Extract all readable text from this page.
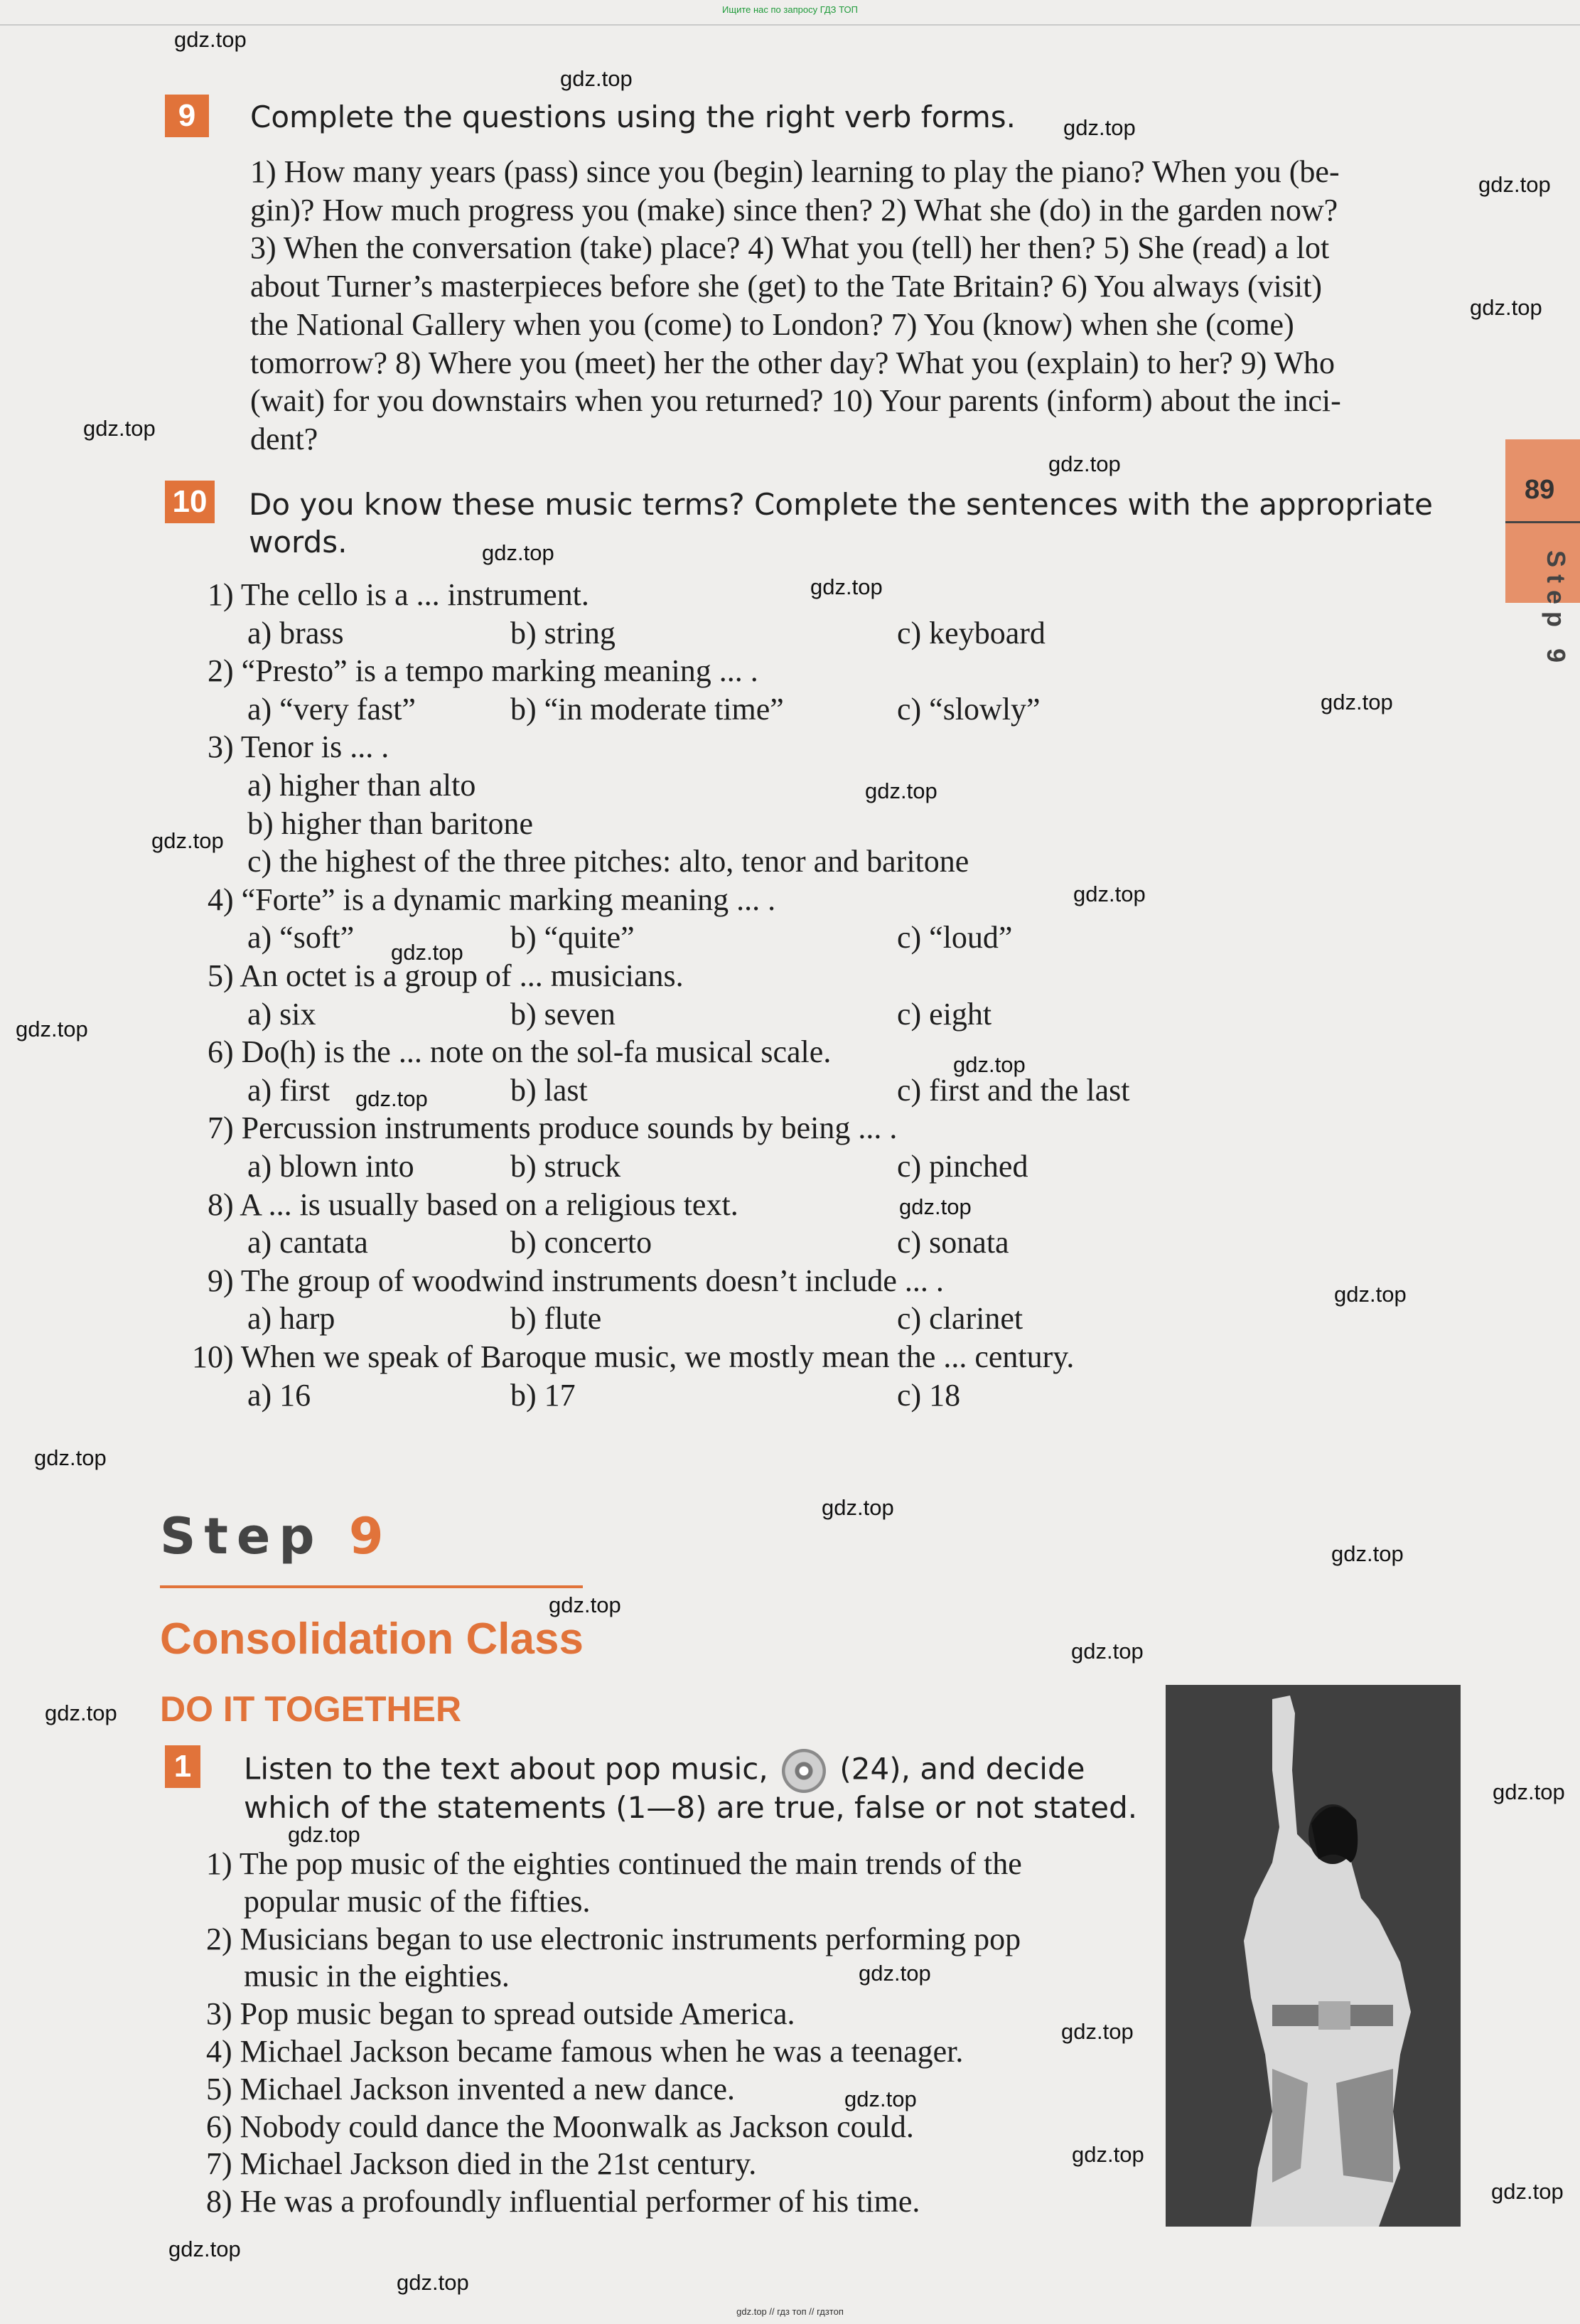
Ищите нас по запросу ГДЗ ТОП
89
Step 9
9	Complete the questions using the right verb forms.
1) How many years (pass) since you (begin) learning to play the piano? When you (be-
gin)? How much progress you (make) since then? 2) What she (do) in the garden now?
3) When the conversation (take) place? 4) What you (tell) her then? 5) She (read) a lot
about Turner’s masterpieces before she (get) to the Tate Britain? 6) You always (visit)
the National Gallery when you (come) to London? 7) You (know) when she (come)
tomorrow? 8) Where you (meet) her the other day? What you (explain) to her? 9) Who
(wait) for you downstairs when you returned? 10) Your parents (inform) about the inci-
dent?
10 Do you know these music terms? Complete the sentences with the appropriate
words.
1) The cello is a ... instrument.
a) brass	b) string	c) keyboard
2) “Presto” is a tempo marking meaning ... .
a) “very fast”	b) “in moderate time”	c) “slowly”
3) Tenor is ... .
a) higher than alto
b) higher than baritone
c) the highest of the three pitches: alto, tenor and baritone
4) “Forte” is a dynamic marking meaning ... .
a) “soft”	b) “quite”	c) “loud”
5) An octet is a group of ... musicians.
a) six	b) seven	c) eight
6) Do(h) is the ... note on the sol-fa musical scale.
a) first	b) last	c) first and the last
7) Percussion instruments produce sounds by being ... .
a) blown into	b) struck	c) pinched
8) A ... is usually based on a religious text.
a) cantata	b) concerto	c) sonata
9) The group of woodwind instruments doesn’t include ... .
a) harp	b) flute	c) clarinet
10) When we speak of Baroque music, we mostly mean the ... century.
a) 16	b) 17	c) 18
Step 9
Consolidation Class
DO IT TOGETHER
1	Listen to the text about pop music, (24), and decide
which of the statements (1—8) are true, false or not stated.
1) The pop music of the eighties continued the main trends of the
popular music of the fifties.
2) Musicians began to use electronic instruments performing pop
music in the eighties.
3) Pop music began to spread outside America.
4) Michael Jackson became famous when he was a teenager.
5) Michael Jackson invented a new dance.
6) Nobody could dance the Moonwalk as Jackson could.
7) Michael Jackson died in the 21st century.
8) He was a profoundly influential performer of his time.
gdz.top // гдз топ // гдзтоп
gdz.top
gdz.top
gdz.top
gdz.top
gdz.top
gdz.top
gdz.top
gdz.top
gdz.top
gdz.top
gdz.top
gdz.top
gdz.top
gdz.top
gdz.top
gdz.top
gdz.top
gdz.top
gdz.top
gdz.top
gdz.top
gdz.top
gdz.top
gdz.top
gdz.top
gdz.top
gdz.top
gdz.top
gdz.top
gdz.top
gdz.top
gdz.top
gdz.top
gdz.top
